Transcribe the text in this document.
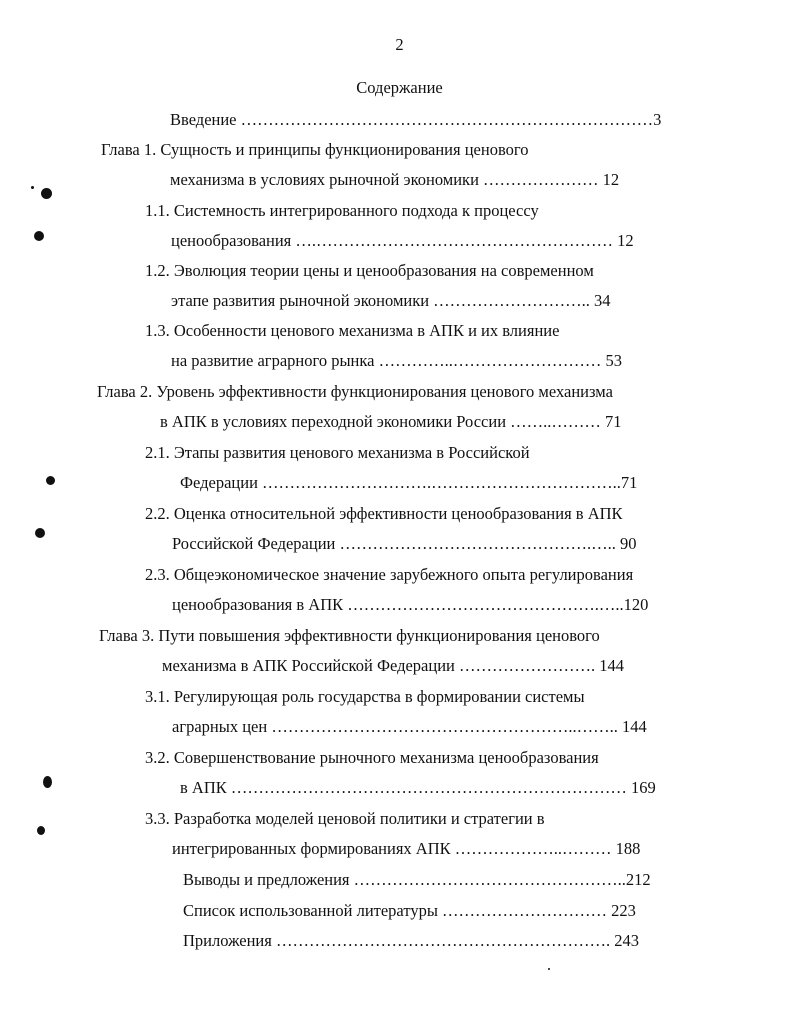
2
Содержание
Введение …………………………………………………………………3
Глава 1. Сущность и принципы функционирования ценового
механизма в условиях рыночной экономики ………………… 12
1.1. Системность интегрированного подхода к процессу
ценообразования ….……………………………………………… 12
1.2. Эволюция теории цены и ценообразования на современном
этапе развития рыночной экономики ……………………….. 34
1.3. Особенности ценового механизма в АПК и их влияние
на развитие аграрного рынка …………..……………………… 53
Глава 2. Уровень эффективности функционирования ценового механизма
в АПК в условиях переходной экономики России ……..……… 71
2.1. Этапы развития ценового механизма в Российской
Федерации ………………………….……………………………..71
2.2. Оценка относительной эффективности ценообразования в АПК
Российской Федерации ……………………………………….….. 90
2.3. Общеэкономическое значение зарубежного опыта регулирования
ценообразования в АПК ……………………………………….…..120
Глава 3. Пути повышения эффективности функционирования ценового
механизма в АПК Российской Федерации ……………………. 144
3.1. Регулирующая роль государства в формировании системы
аграрных цен ………………………………………………..…….. 144
3.2. Совершенствование рыночного механизма ценообразования
в АПК ……………………………………………………………… 169
3.3. Разработка моделей ценовой политики и стратегии в
интегрированных формированиях АПК ………………..……… 188
Выводы и предложения …………………………………………..212
Список использованной литературы ………………………… 223
Приложения ……………………………………………………. 243
